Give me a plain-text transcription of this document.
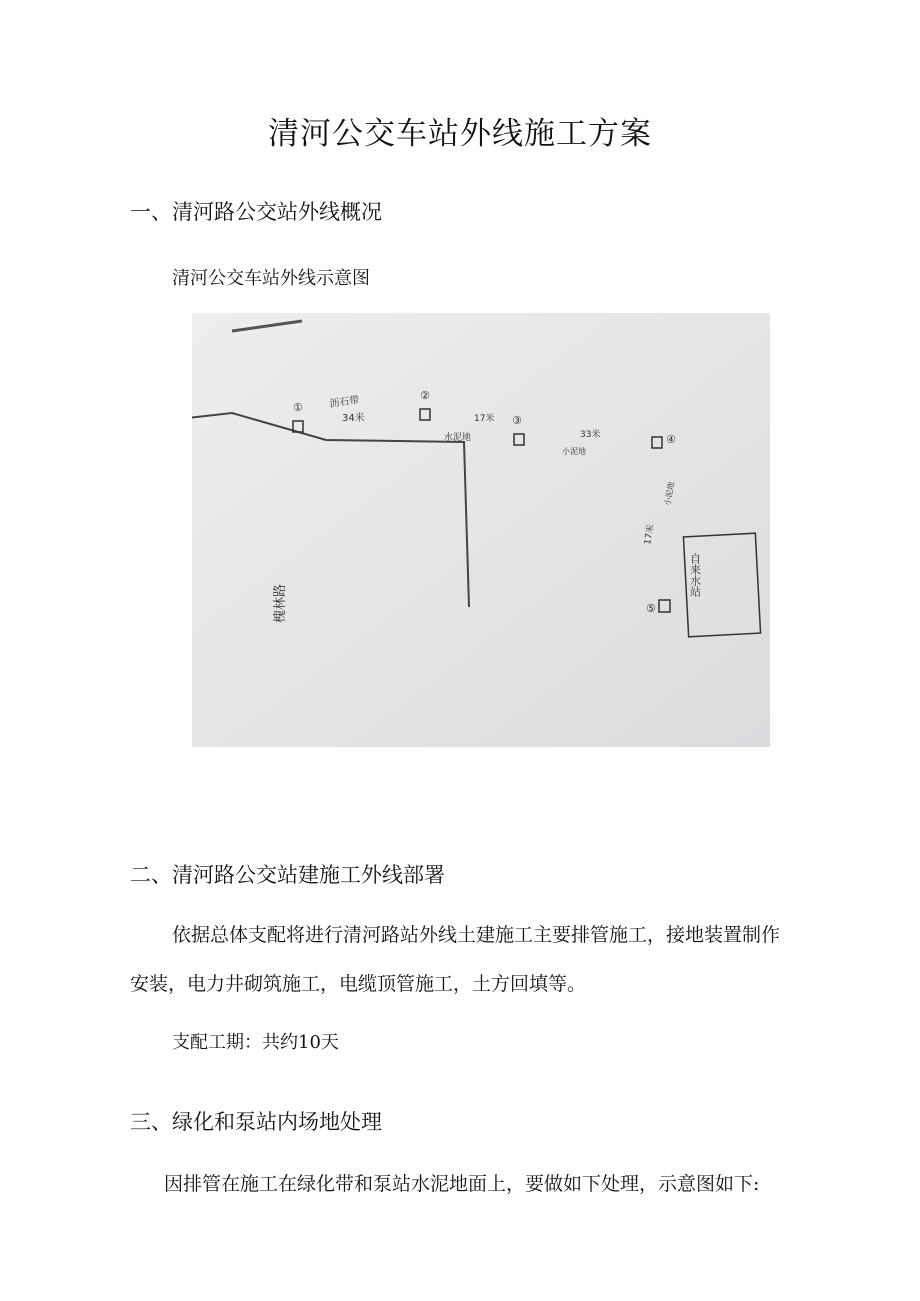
清河公交车站外线施工方案
一、清河路公交站外线概况

清河公交车站外线示意图

①
②
③
④
⑤
沥石带
34米	17米
水泥地	33米
小泥地
小泥地
17米
槐林路
自来水站
二、清河路公交站建施工外线部署

依据总体支配将进行清河路站外线土建施工主要排管施工，接地装置制作

安装，电力井砌筑施工，电缆顶管施工，土方回填等。

支配工期：共约10天

三、绿化和泵站内场地处理

因排管在施工在绿化带和泵站水泥地面上，要做如下处理，示意图如下:
